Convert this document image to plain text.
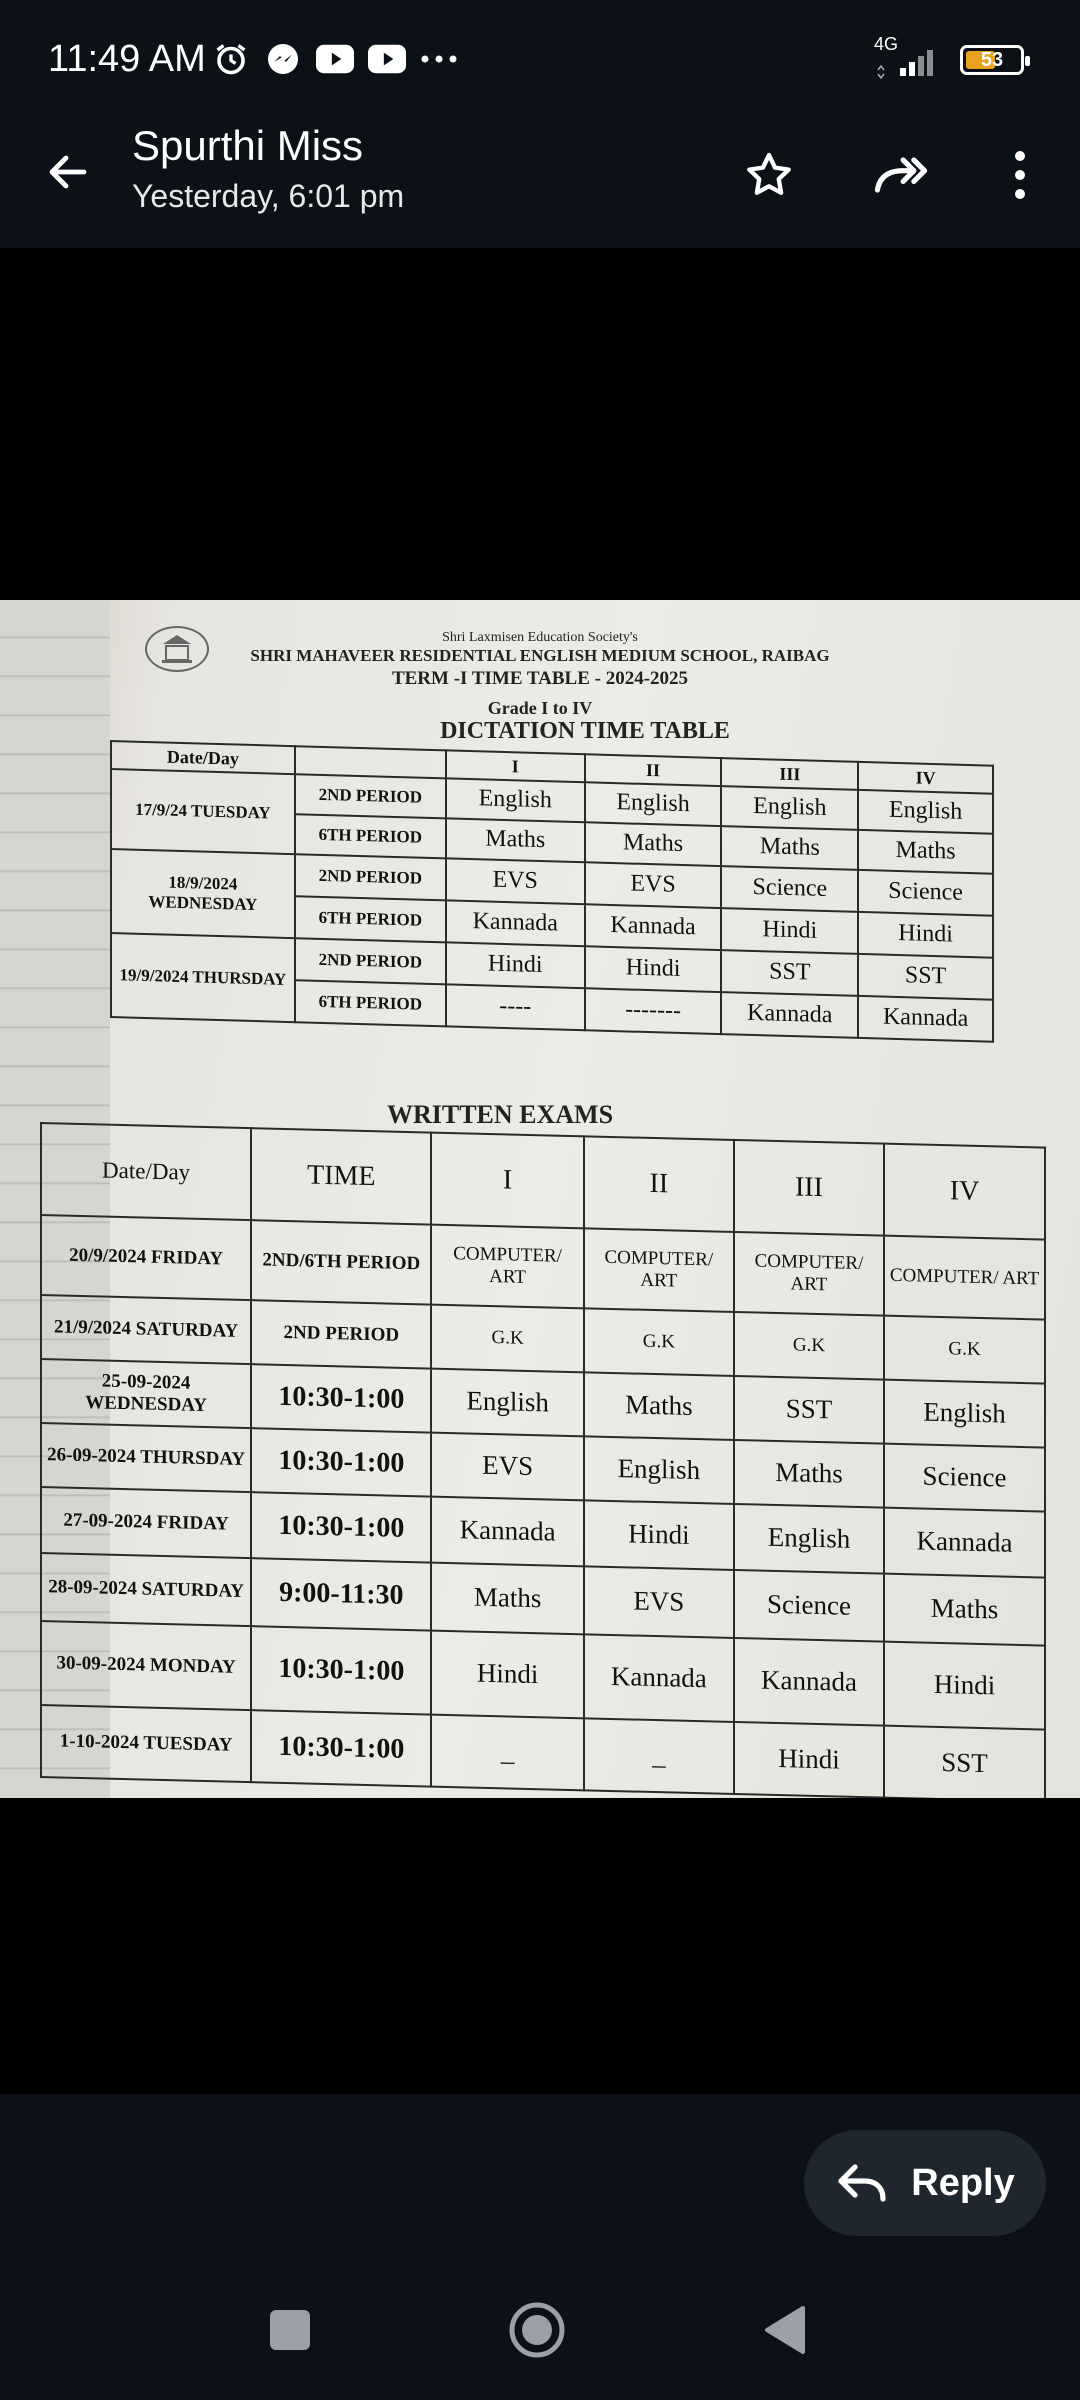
11:49 AM	4G
53
Spurthi Miss
Yesterday, 6:01 pm
Shri Laxmisen Education Society's
SHRI MAHAVEER RESIDENTIAL ENGLISH MEDIUM SCHOOL, RAIBAG
TERM -I TIME TABLE - 2024-2025
Grade I to IV
DICTATION TIME TABLE
Date/Day		I	II	III	IV
17/9/24 TUESDAY	2ND PERIOD	English	English	English	English
	6TH PERIOD	Maths	Maths	Maths	Maths
18/9/2024 WEDNESDAY	2ND PERIOD	EVS	EVS	Science	Science
	6TH PERIOD	Kannada	Kannada	Hindi	Hindi
19/9/2024 THURSDAY	2ND PERIOD	Hindi	Hindi	SST	SST
	6TH PERIOD	----	-------	Kannada	Kannada
WRITTEN EXAMS
Date/Day	TIME	I	II	III	IV
20/9/2024 FRIDAY	2ND/6TH PERIOD	COMPUTER/ ART	COMPUTER/ ART	COMPUTER/ ART	COMPUTER/ ART
21/9/2024 SATURDAY	2ND PERIOD	G.K	G.K	G.K	G.K
25-09-2024 WEDNESDAY	10:30-1:00	English	Maths	SST	English
26-09-2024 THURSDAY	10:30-1:00	EVS	English	Maths	Science
27-09-2024 FRIDAY	10:30-1:00	Kannada	Hindi	English	Kannada
28-09-2024 SATURDAY	9:00-11:30	Maths	EVS	Science	Maths
30-09-2024 MONDAY	10:30-1:00	Hindi	Kannada	Kannada	Hindi
1-10-2024 TUESDAY	10:30-1:00	_	_	Hindi	SST
Reply
